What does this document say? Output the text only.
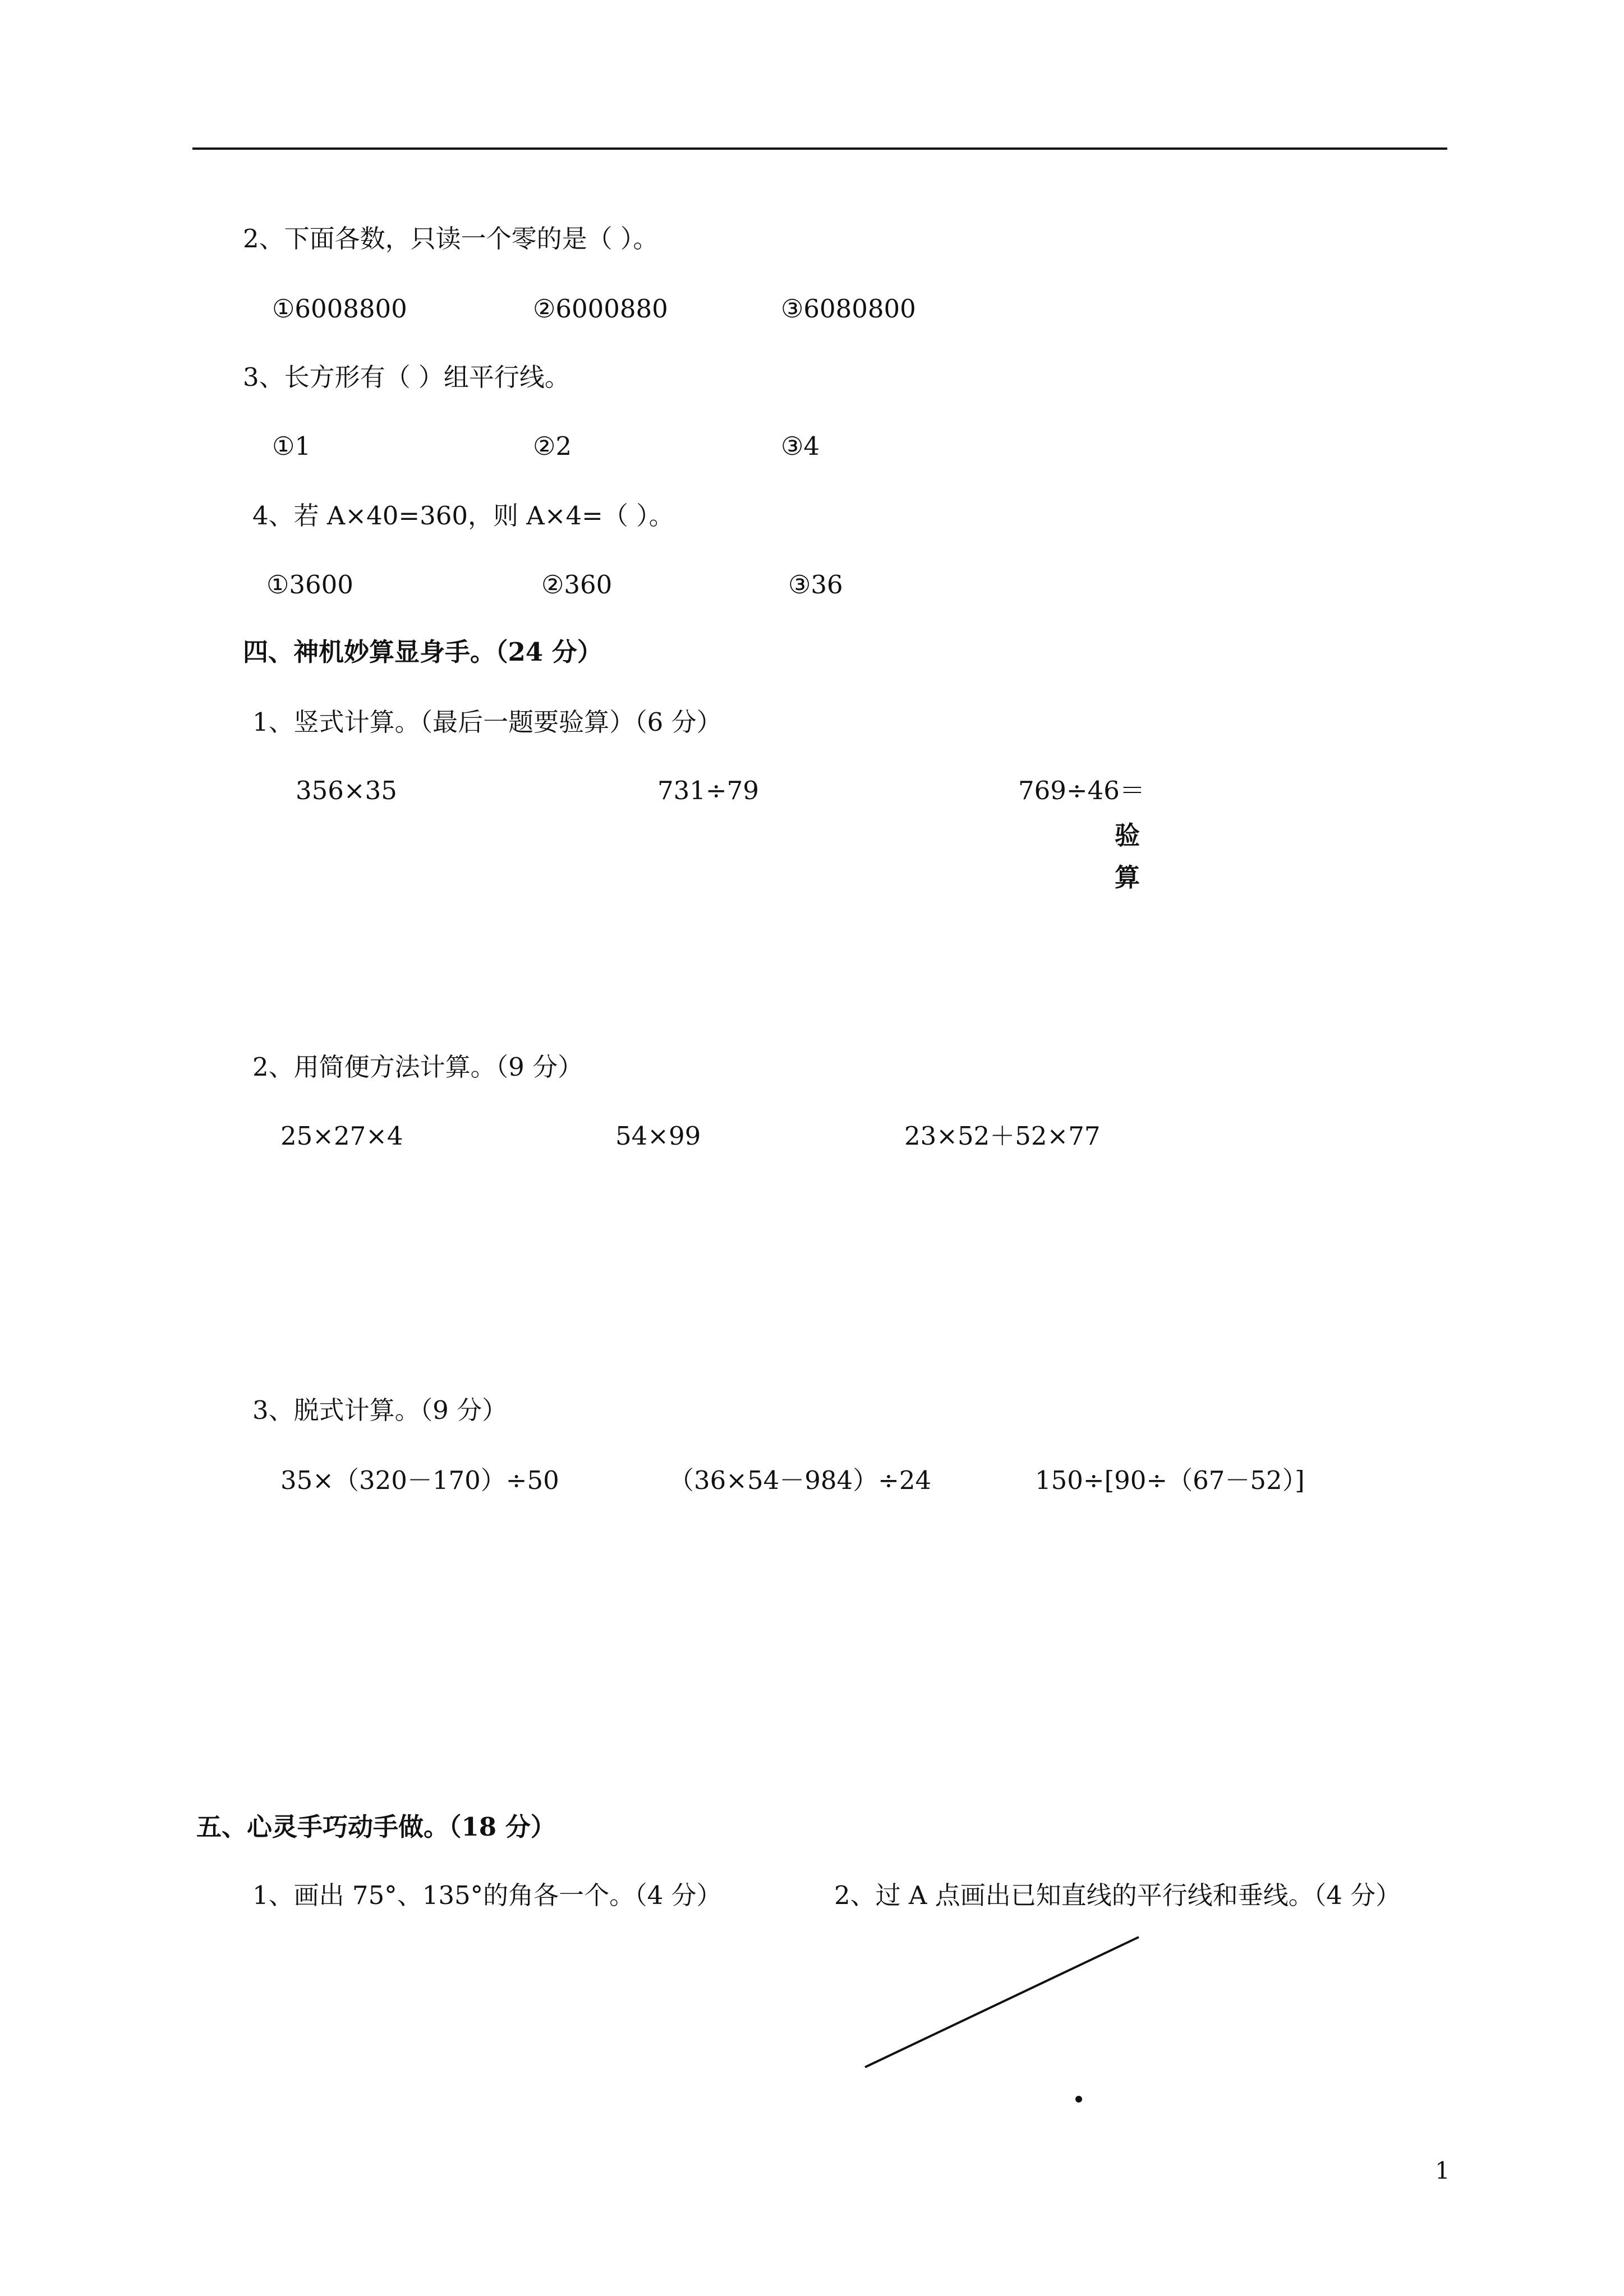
2、下面各数，只读一个零的是（ ）。
①6008800	②6000880	③6080800
3、长方形有（ ）组平行线。
①1	②2	③4
4、若 A×40=360，则 A×4=（ ）。
①3600	②360	③36
四、神机妙算显身手。（24 分）
1、竖式计算。（最后一题要验算）（6 分）
356×35	731÷79	769÷46＝
验
算
2、用简便方法计算。（9 分）
25×27×4	54×99	23×52＋52×77
3、脱式计算。（9 分）
35×（320－170）÷50	（36×54－984）÷24	150÷[90÷（67－52）]
五、心灵手巧动手做。（18 分）
1、画出 75°、135°的角各一个。（4 分）	2、过 A 点画出已知直线的平行线和垂线。（4 分）
1
